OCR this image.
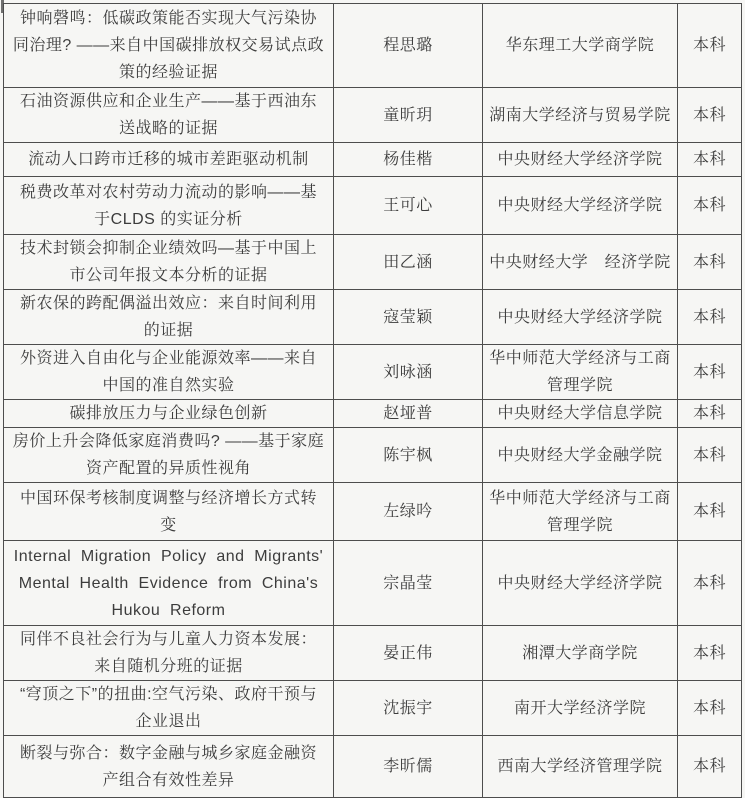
钟响磬鸣：低碳政策能否实现大气污染协同治理? ——来自中国碳排放权交易试点政策的经验证据	程思璐	华东理工大学商学院	本科
石油资源供应和企业生产——基于西油东送战略的证据	童昕玥	湖南大学经济与贸易学院	本科
流动人口跨市迁移的城市差距驱动机制	杨佳楷	中央财经大学经济学院	本科
税费改革对农村劳动力流动的影响——基于CLDS 的实证分析	王可心	中央财经大学经济学院	本科
技术封锁会抑制企业绩效吗—基于中国上市公司年报文本分析的证据	田乙涵	中央财经大学　经济学院	本科
新农保的跨配偶溢出效应：来自时间利用的证据	寇莹颖	中央财经大学经济学院	本科
外资进入自由化与企业能源效率——来自中国的准自然实验	刘咏涵	华中师范大学经济与工商管理学院	本科
碳排放压力与企业绿色创新	赵垭普	中央财经大学信息学院	本科
房价上升会降低家庭消费吗? ——基于家庭资产配置的异质性视角	陈宇枫	中央财经大学金融学院	本科
中国环保考核制度调整与经济增长方式转变	左绿吟	华中师范大学经济与工商管理学院	本科
Internal Migration Policy and Migrants' Mental Health Evidence from China's Hukou Reform	宗晶莹	中央财经大学经济学院	本科
同伴不良社会行为与儿童人力资本发展：来自随机分班的证据	晏正伟	湘潭大学商学院	本科
“穹顶之下”的扭曲:空气污染、政府干预与企业退出	沈振宇	南开大学经济学院	本科
断裂与弥合：数字金融与城乡家庭金融资产组合有效性差异	李昕儒	西南大学经济管理学院	本科
